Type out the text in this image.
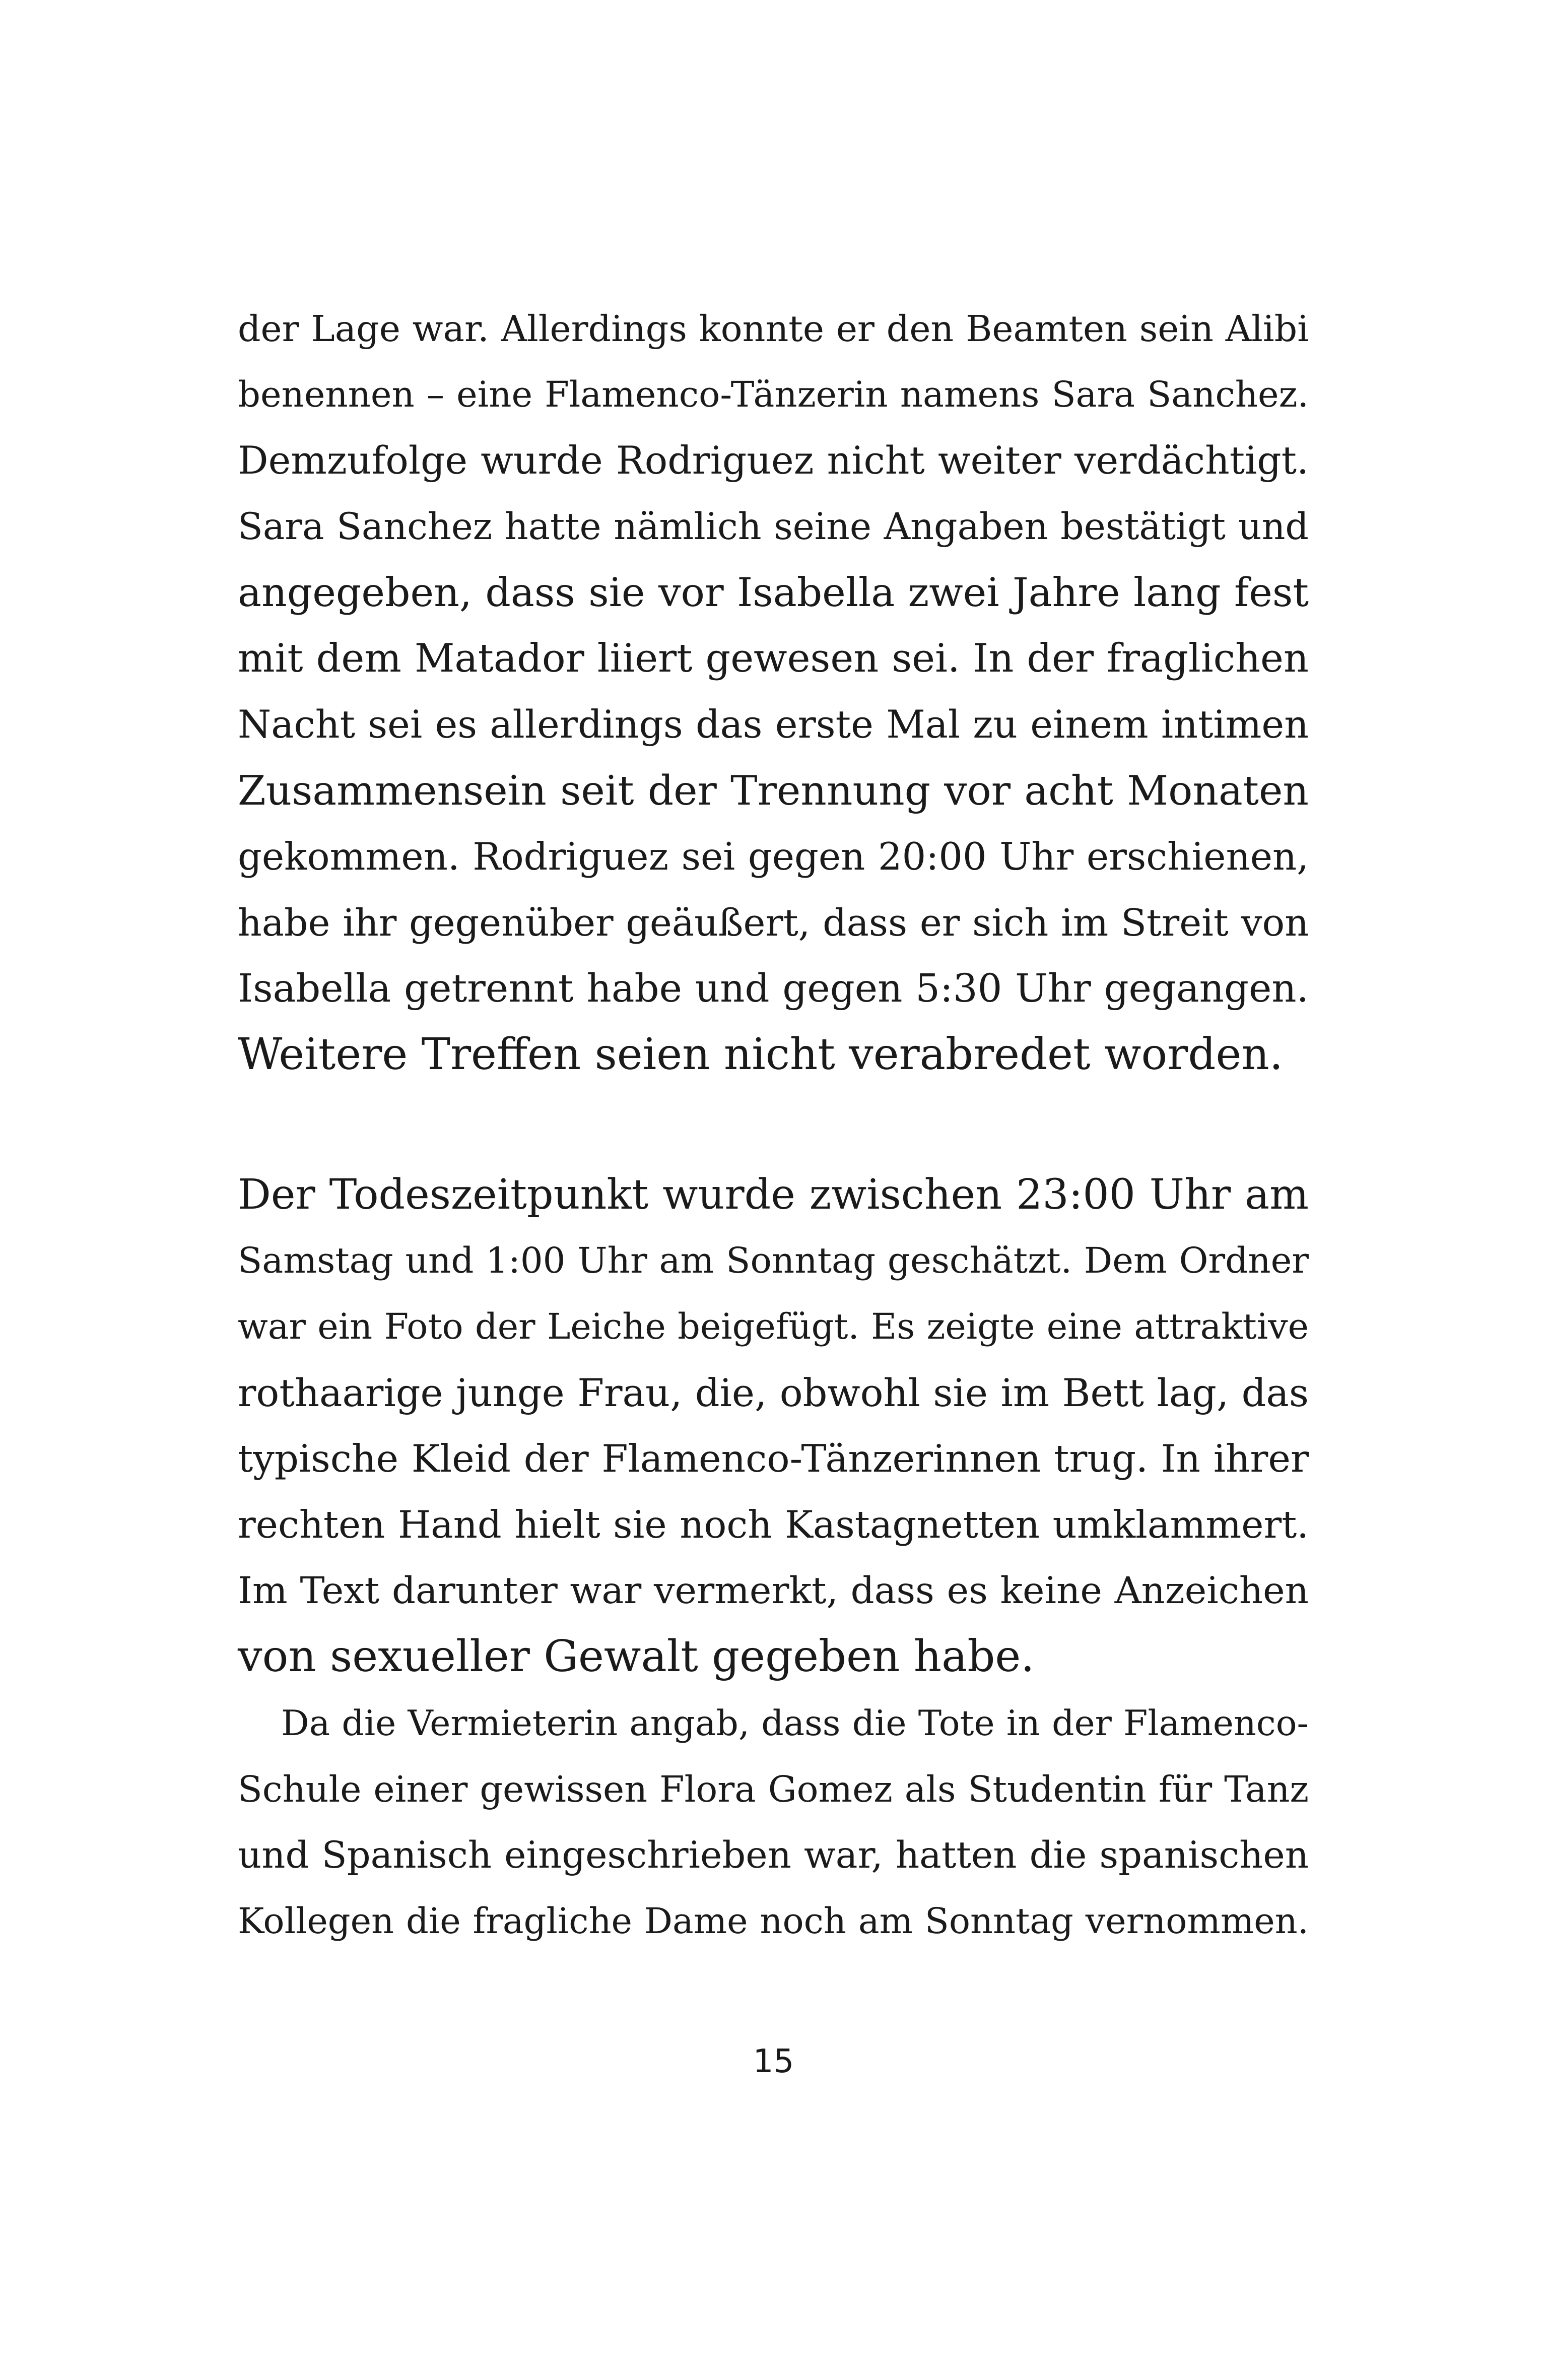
der Lage war. Allerdings konnte er den Beamten sein Alibi
benennen – eine Flamenco-Tänzerin namens Sara Sanchez.
Demzufolge wurde Rodriguez nicht weiter verdächtigt.
Sara Sanchez hatte nämlich seine Angaben bestätigt und
angegeben, dass sie vor Isabella zwei Jahre lang fest
mit dem Matador liiert gewesen sei. In der fraglichen
Nacht sei es allerdings das erste Mal zu einem intimen
Zusammensein seit der Trennung vor acht Monaten
gekommen. Rodriguez sei gegen 20:00 Uhr erschienen,
habe ihr gegenüber geäußert, dass er sich im Streit von
Isabella getrennt habe und gegen 5:30 Uhr gegangen.
Weitere Treffen seien nicht verabredet worden.
Der Todeszeitpunkt wurde zwischen 23:00 Uhr am
Samstag und 1:00 Uhr am Sonntag geschätzt. Dem Ordner
war ein Foto der Leiche beigefügt. Es zeigte eine attraktive
rothaarige junge Frau, die, obwohl sie im Bett lag, das
typische Kleid der Flamenco-Tänzerinnen trug. In ihrer
rechten Hand hielt sie noch Kastagnetten umklammert.
Im Text darunter war vermerkt, dass es keine Anzeichen
von sexueller Gewalt gegeben habe.
Da die Vermieterin angab, dass die Tote in der Flamenco-
Schule einer gewissen Flora Gomez als Studentin für Tanz
und Spanisch eingeschrieben war, hatten die spanischen
Kollegen die fragliche Dame noch am Sonntag vernommen.
15
